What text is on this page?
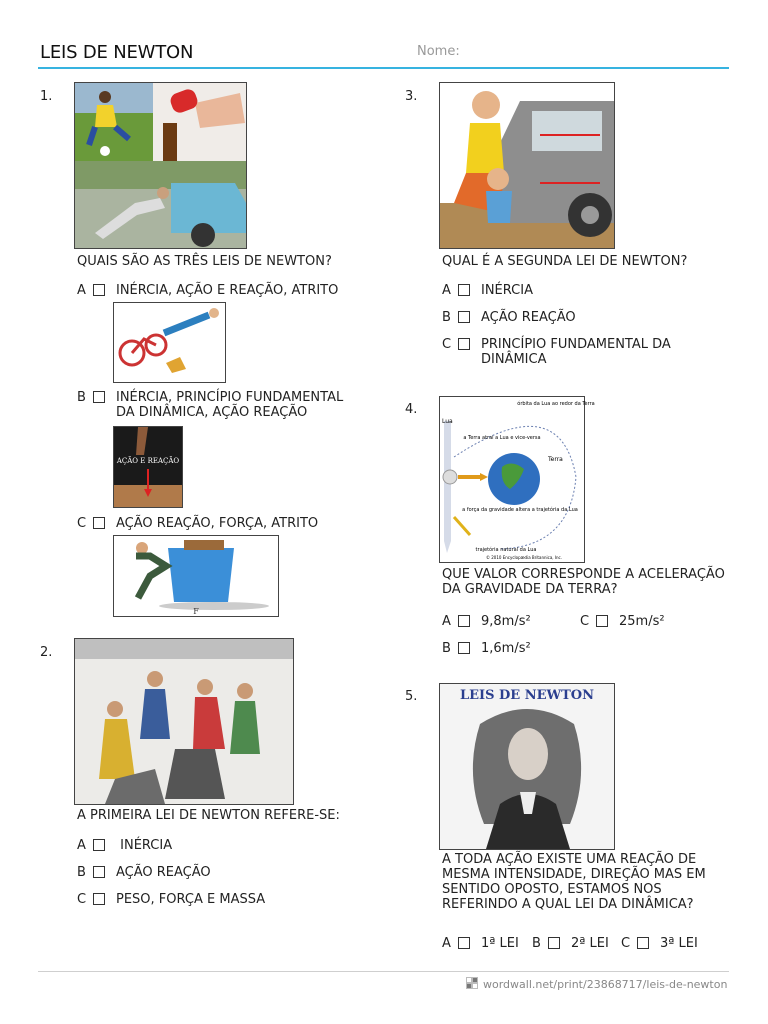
LEIS DE NEWTON	Nome:
1.
QUAIS SÃO AS TRÊS LEIS DE NEWTON?
A INÉRCIA, AÇÃO E REAÇÃO, ATRITO
B INÉRCIA, PRINCÍPIO FUNDAMENTAL DA DINÂMICA, AÇÃO REAÇÃO
AÇÃO E REAÇÃO
C AÇÃO REAÇÃO, FORÇA, ATRITO
F
2.
A PRIMEIRA LEI DE NEWTON REFERE-SE:
A INÉRCIA
B AÇÃO REAÇÃO
C PESO, FORÇA E MASSA
3.
QUAL É A SEGUNDA LEI DE NEWTON?
A INÉRCIA
B AÇÃO REAÇÃO
C PRINCÍPIO FUNDAMENTAL DA DINÂMICA
4.	órbita da Lua ao redor da Terra
Lua
Terra
a Terra atrai a Lua e vice-versa
a força da gravidade altera a trajetória da Lua
trajetória natural da Lua
© 2010 Encyclopædia Britannica, Inc.
QUE VALOR CORRESPONDE A ACELERAÇÃO DA GRAVIDADE DA TERRA?
A 9,8m/s²	C 25m/s²
B 1,6m/s²
5.	LEIS DE NEWTON
A TODA AÇÃO EXISTE UMA REAÇÃO DE MESMA INTENSIDADE, DIREÇÃO MAS EM SENTIDO OPOSTO, ESTAMOS NOS REFERINDO A QUAL LEI DA DINÂMICA?
A 1ª LEI B 2ª LEI C 3ª LEI
wordwall.net/print/23868717/leis-de-newton
